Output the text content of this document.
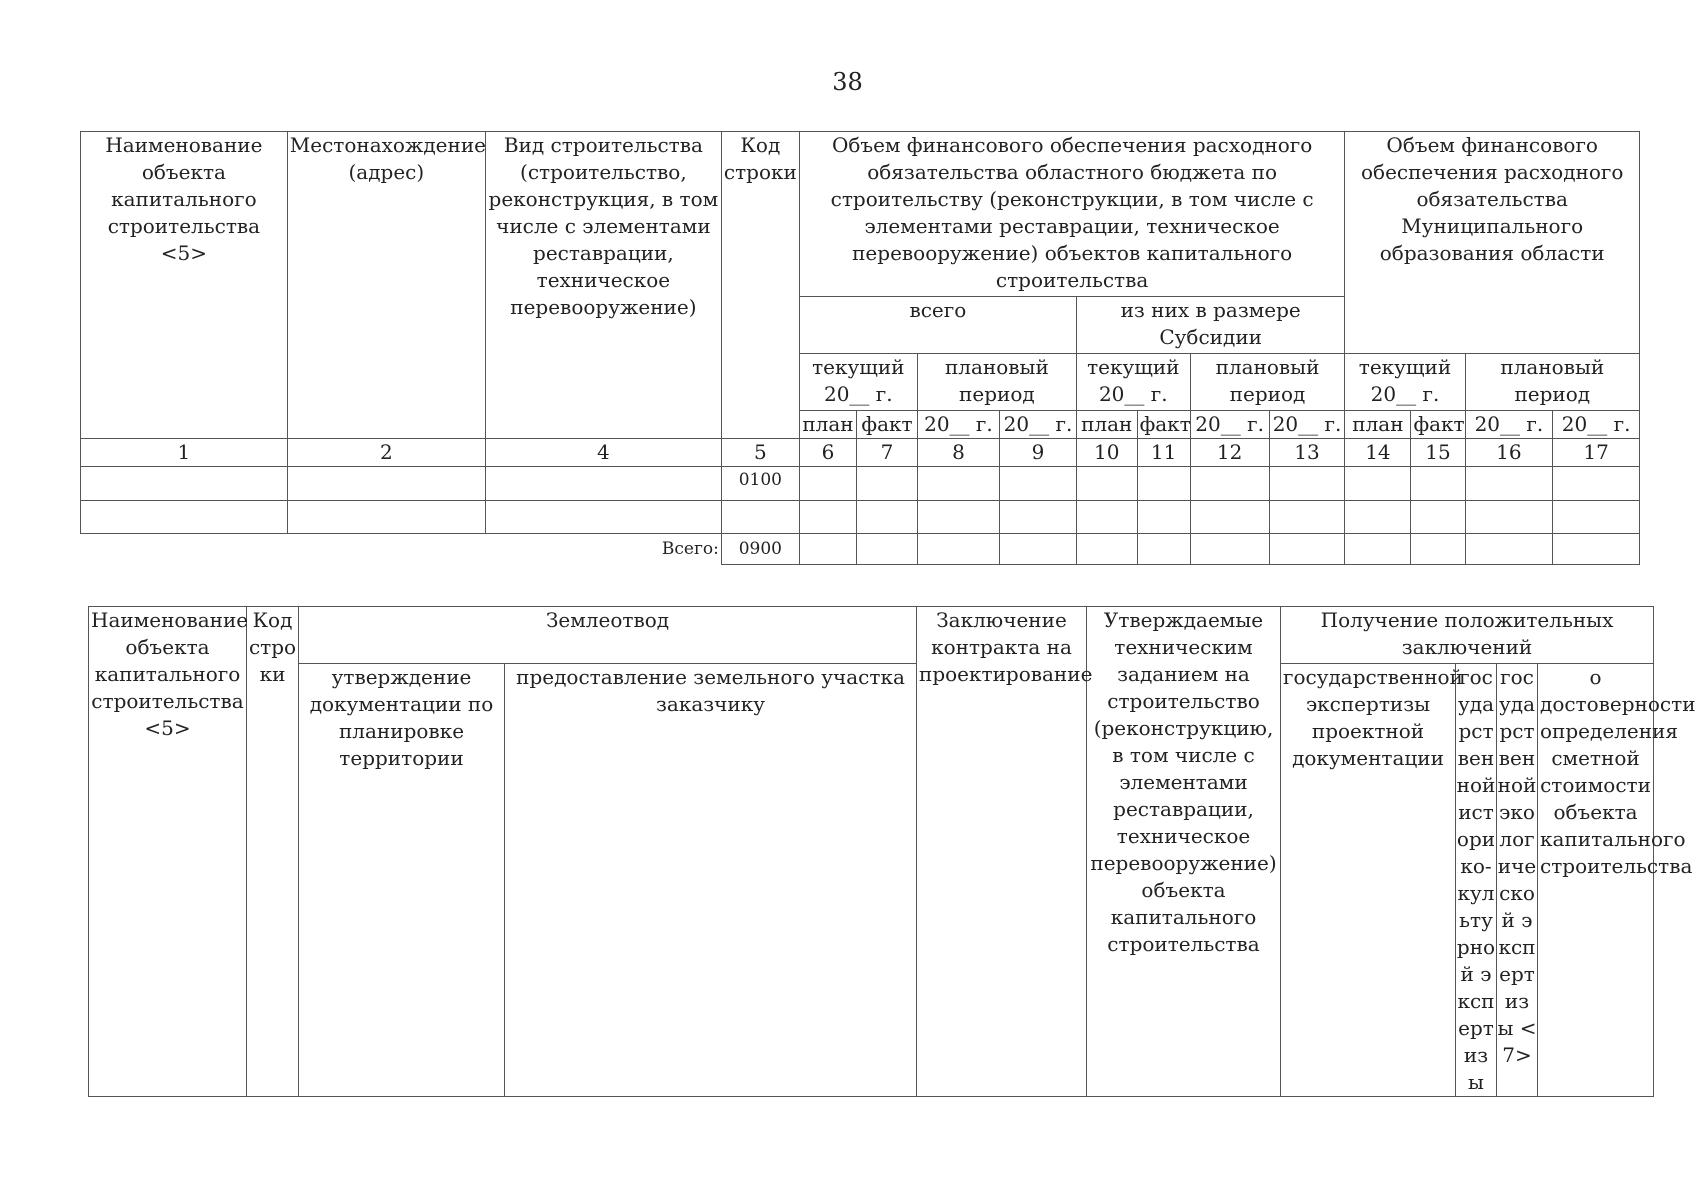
38
Наименование объекта капитального строительства <5>	Местонахождение (адрес)	Вид строительства (строительство, реконструкция, в том числе с элементами реставрации, техническое перевооружение)	Код строки	Объем финансового обеспечения расходного обязательства областного бюджета по строительству (реконструкции, в том числе с элементами реставрации, техническое перевооружение) объектов капитального строительства								Объем финансового обеспечения расходного обязательства Муниципального образования области			
				всего				из них в размере Субсидии							
				текущий 20__ г.		плановый период		текущий 20__ г.		плановый период		текущий 20__ г.		плановый период	
				план	факт	20__ г.	20__ г.	план	факт	20__ г.	20__ г.	план	факт	20__ г.	20__ г.
1	2	4	5	6	7	8	9	10	11	12	13	14	15	16	17
			0100												

Всего:			0900												
Наименование объекта капитального строительства <5>	Код строки	Землеотвод		Заключение контракта на проектирование	Утверждаемые техническим заданием на строительство (реконструкцию, в том числе с элементами реставрации, техническое перевооружение) объекта капитального строительства	Получение положительных заключений			
		утверждение документации по планировке территории	предоставление земельного участка заказчику			государственной экспертизы проектной документации	государственной историко-культурной экспертизы	государственной экологической экспертизы <7>	о достоверности определения сметной стоимости объекта капитального строительства
